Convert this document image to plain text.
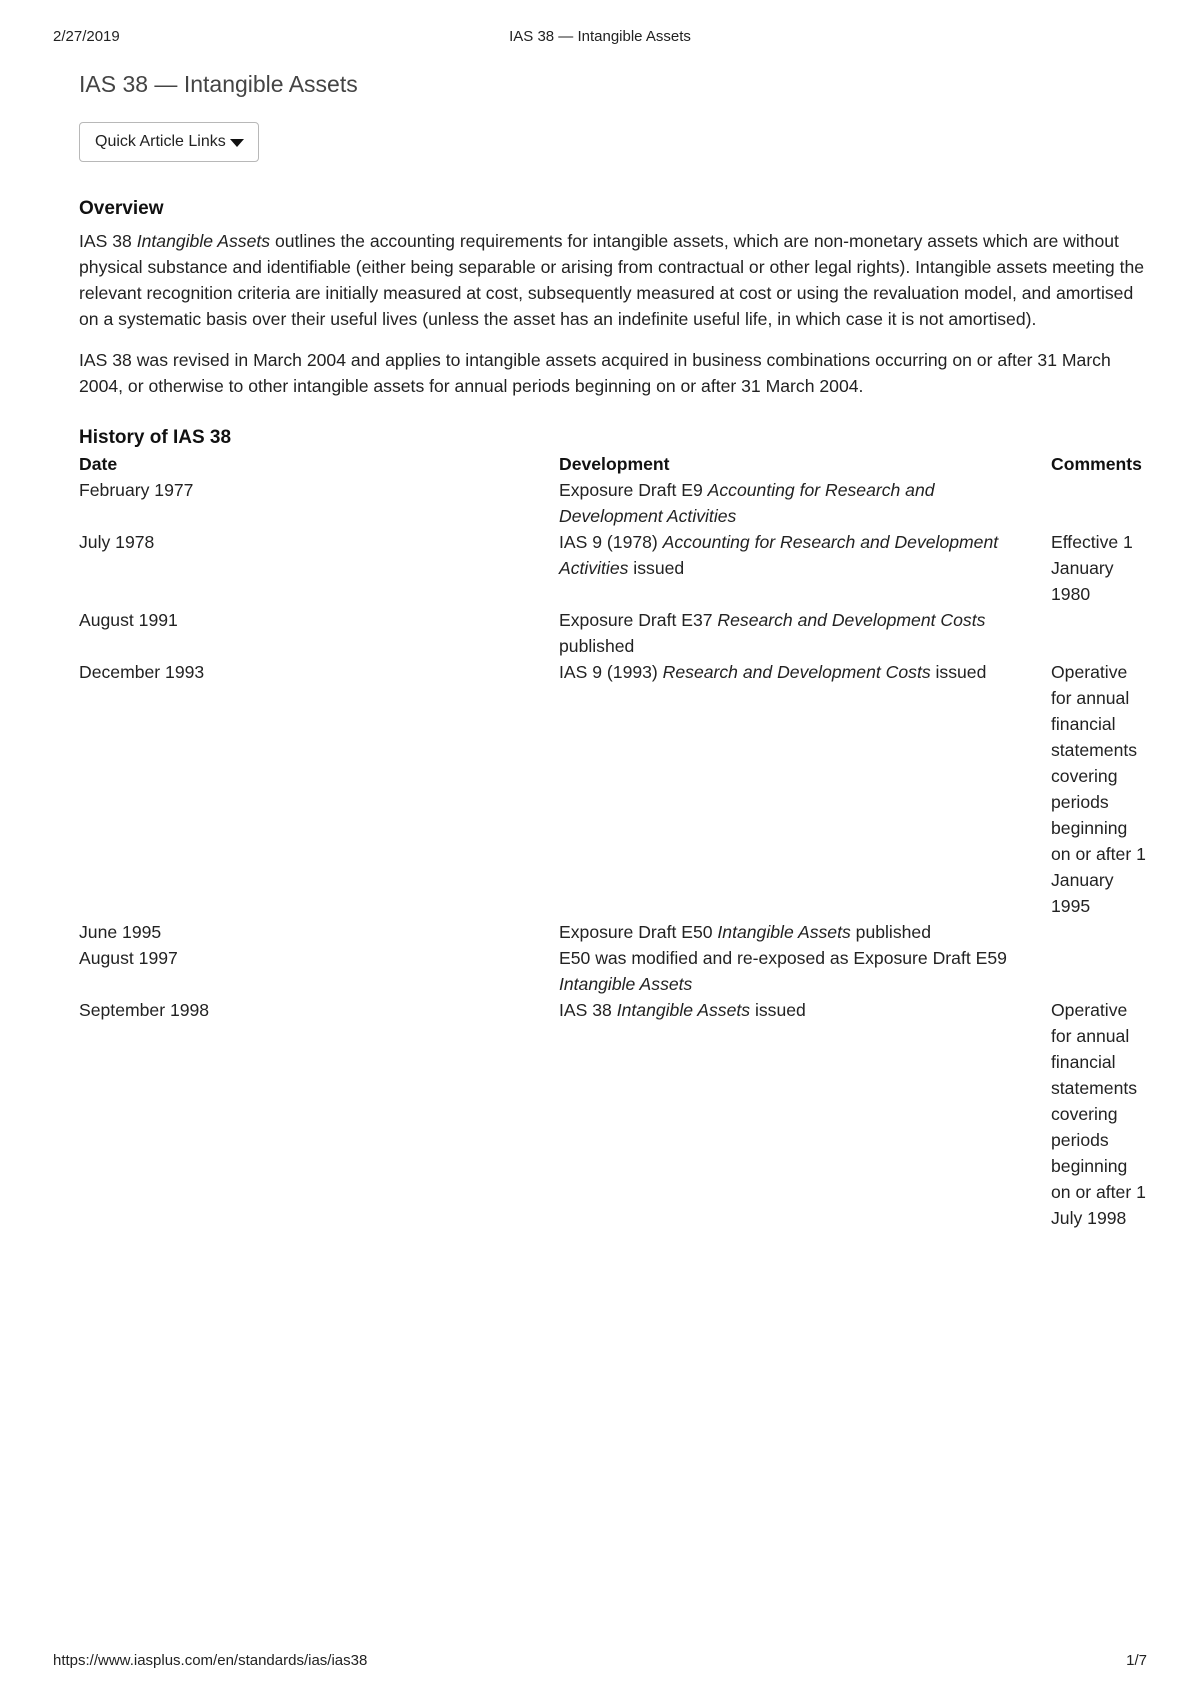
2/27/2019	IAS 38 — Intangible Assets
IAS 38 — Intangible Assets
Quick Article Links
Overview

IAS 38 Intangible Assets outlines the accounting requirements for intangible assets, which are non-monetary assets which are without physical substance and identifiable (either being separable or arising from contractual or other legal rights). Intangible assets meeting the relevant recognition criteria are initially measured at cost, subsequently measured at cost or using the revaluation model, and amortised on a systematic basis over their useful lives (unless the asset has an indefinite useful life, in which case it is not amortised).

IAS 38 was revised in March 2004 and applies to intangible assets acquired in business combinations occurring on or after 31 March 2004, or otherwise to other intangible assets for annual periods beginning on or after 31 March 2004.

History of IAS 38
Date	Development	Comments
February 1977	Exposure Draft E9 Accounting for Research and Development Activities	
July 1978	IAS 9 (1978) Accounting for Research and Development Activities issued	Effective 1 January 1980
August 1991	Exposure Draft E37 Research and Development Costs published	
December 1993	IAS 9 (1993) Research and Development Costs issued	Operative for annual financial statements covering periods beginning on or after 1 January 1995
June 1995	Exposure Draft E50 Intangible Assets published	
August 1997	E50 was modified and re-exposed as Exposure Draft E59 Intangible Assets	
September 1998	IAS 38 Intangible Assets issued	Operative for annual financial statements covering periods beginning on or after 1 July 1998
https://www.iasplus.com/en/standards/ias/ias38	1/7
